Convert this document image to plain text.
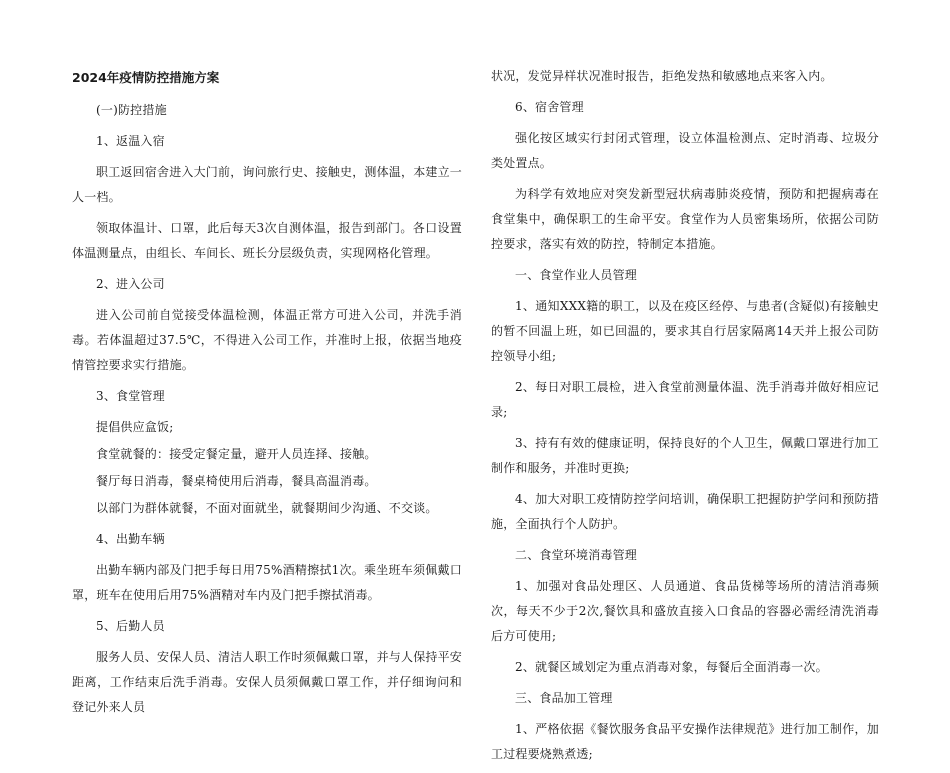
2024年疫情防控措施方案

(一)防控措施

1、返温入宿

职工返回宿舍进入大门前，询问旅行史、接触史，测体温，本建立一人一档。

领取体温计、口罩，此后每天3次自测体温，报告到部门。各口设置体温测量点，由组长、车间长、班长分层级负责，实现网格化管理。

2、进入公司

进入公司前自觉接受体温检测，体温正常方可进入公司，并洗手消毒。若体温超过37.5℃，不得进入公司工作，并准时上报，依据当地疫情管控要求实行措施。

3、食堂管理

提倡供应盒饭;

食堂就餐的：接受定餐定量，避开人员连择、接触。

餐厅每日消毒，餐桌椅使用后消毒，餐具高温消毒。

以部门为群体就餐，不面对面就坐，就餐期间少沟通、不交谈。

4、出勤车辆

出勤车辆内部及门把手每日用75%酒精擦拭1次。乘坐班车须佩戴口罩，班车在使用后用75%酒精对车内及门把手擦拭消毒。

5、后勤人员

服务人员、安保人员、清洁人职工作时须佩戴口罩，并与人保持平安距离，工作结束后洗手消毒。安保人员须佩戴口罩工作，并仔细询问和登记外来人员

状况，发觉异样状况准时报告，拒绝发热和敏感地点来客入内。

6、宿舍管理

强化按区域实行封闭式管理，设立体温检测点、定时消毒、垃圾分类处置点。

为科学有效地应对突发新型冠状病毒肺炎疫情，预防和把握病毒在食堂集中，确保职工的生命平安。食堂作为人员密集场所，依据公司防控要求，落实有效的防控，特制定本措施。

一、食堂作业人员管理

1、通知XXX籍的职工，以及在疫区经停、与患者(含疑似)有接触史的暂不回温上班，如已回温的，要求其自行居家隔离14天并上报公司防控领导小组;

2、每日对职工晨检，进入食堂前测量体温、洗手消毒并做好相应记录;

3、持有有效的健康证明，保持良好的个人卫生，佩戴口罩进行加工制作和服务，并准时更换;

4、加大对职工疫情防控学问培训，确保职工把握防护学问和预防措施，全面执行个人防护。

二、食堂环境消毒管理

1、加强对食品处理区、人员通道、食品货梯等场所的清洁消毒频次，每天不少于2次,餐饮具和盛放直接入口食品的容器必需经清洗消毒后方可使用;

2、就餐区域划定为重点消毒对象，每餐后全面消毒一次。

三、食品加工管理

1、严格依据《餐饮服务食品平安操作法律规范》进行加工制作，加工过程要烧熟煮透;
